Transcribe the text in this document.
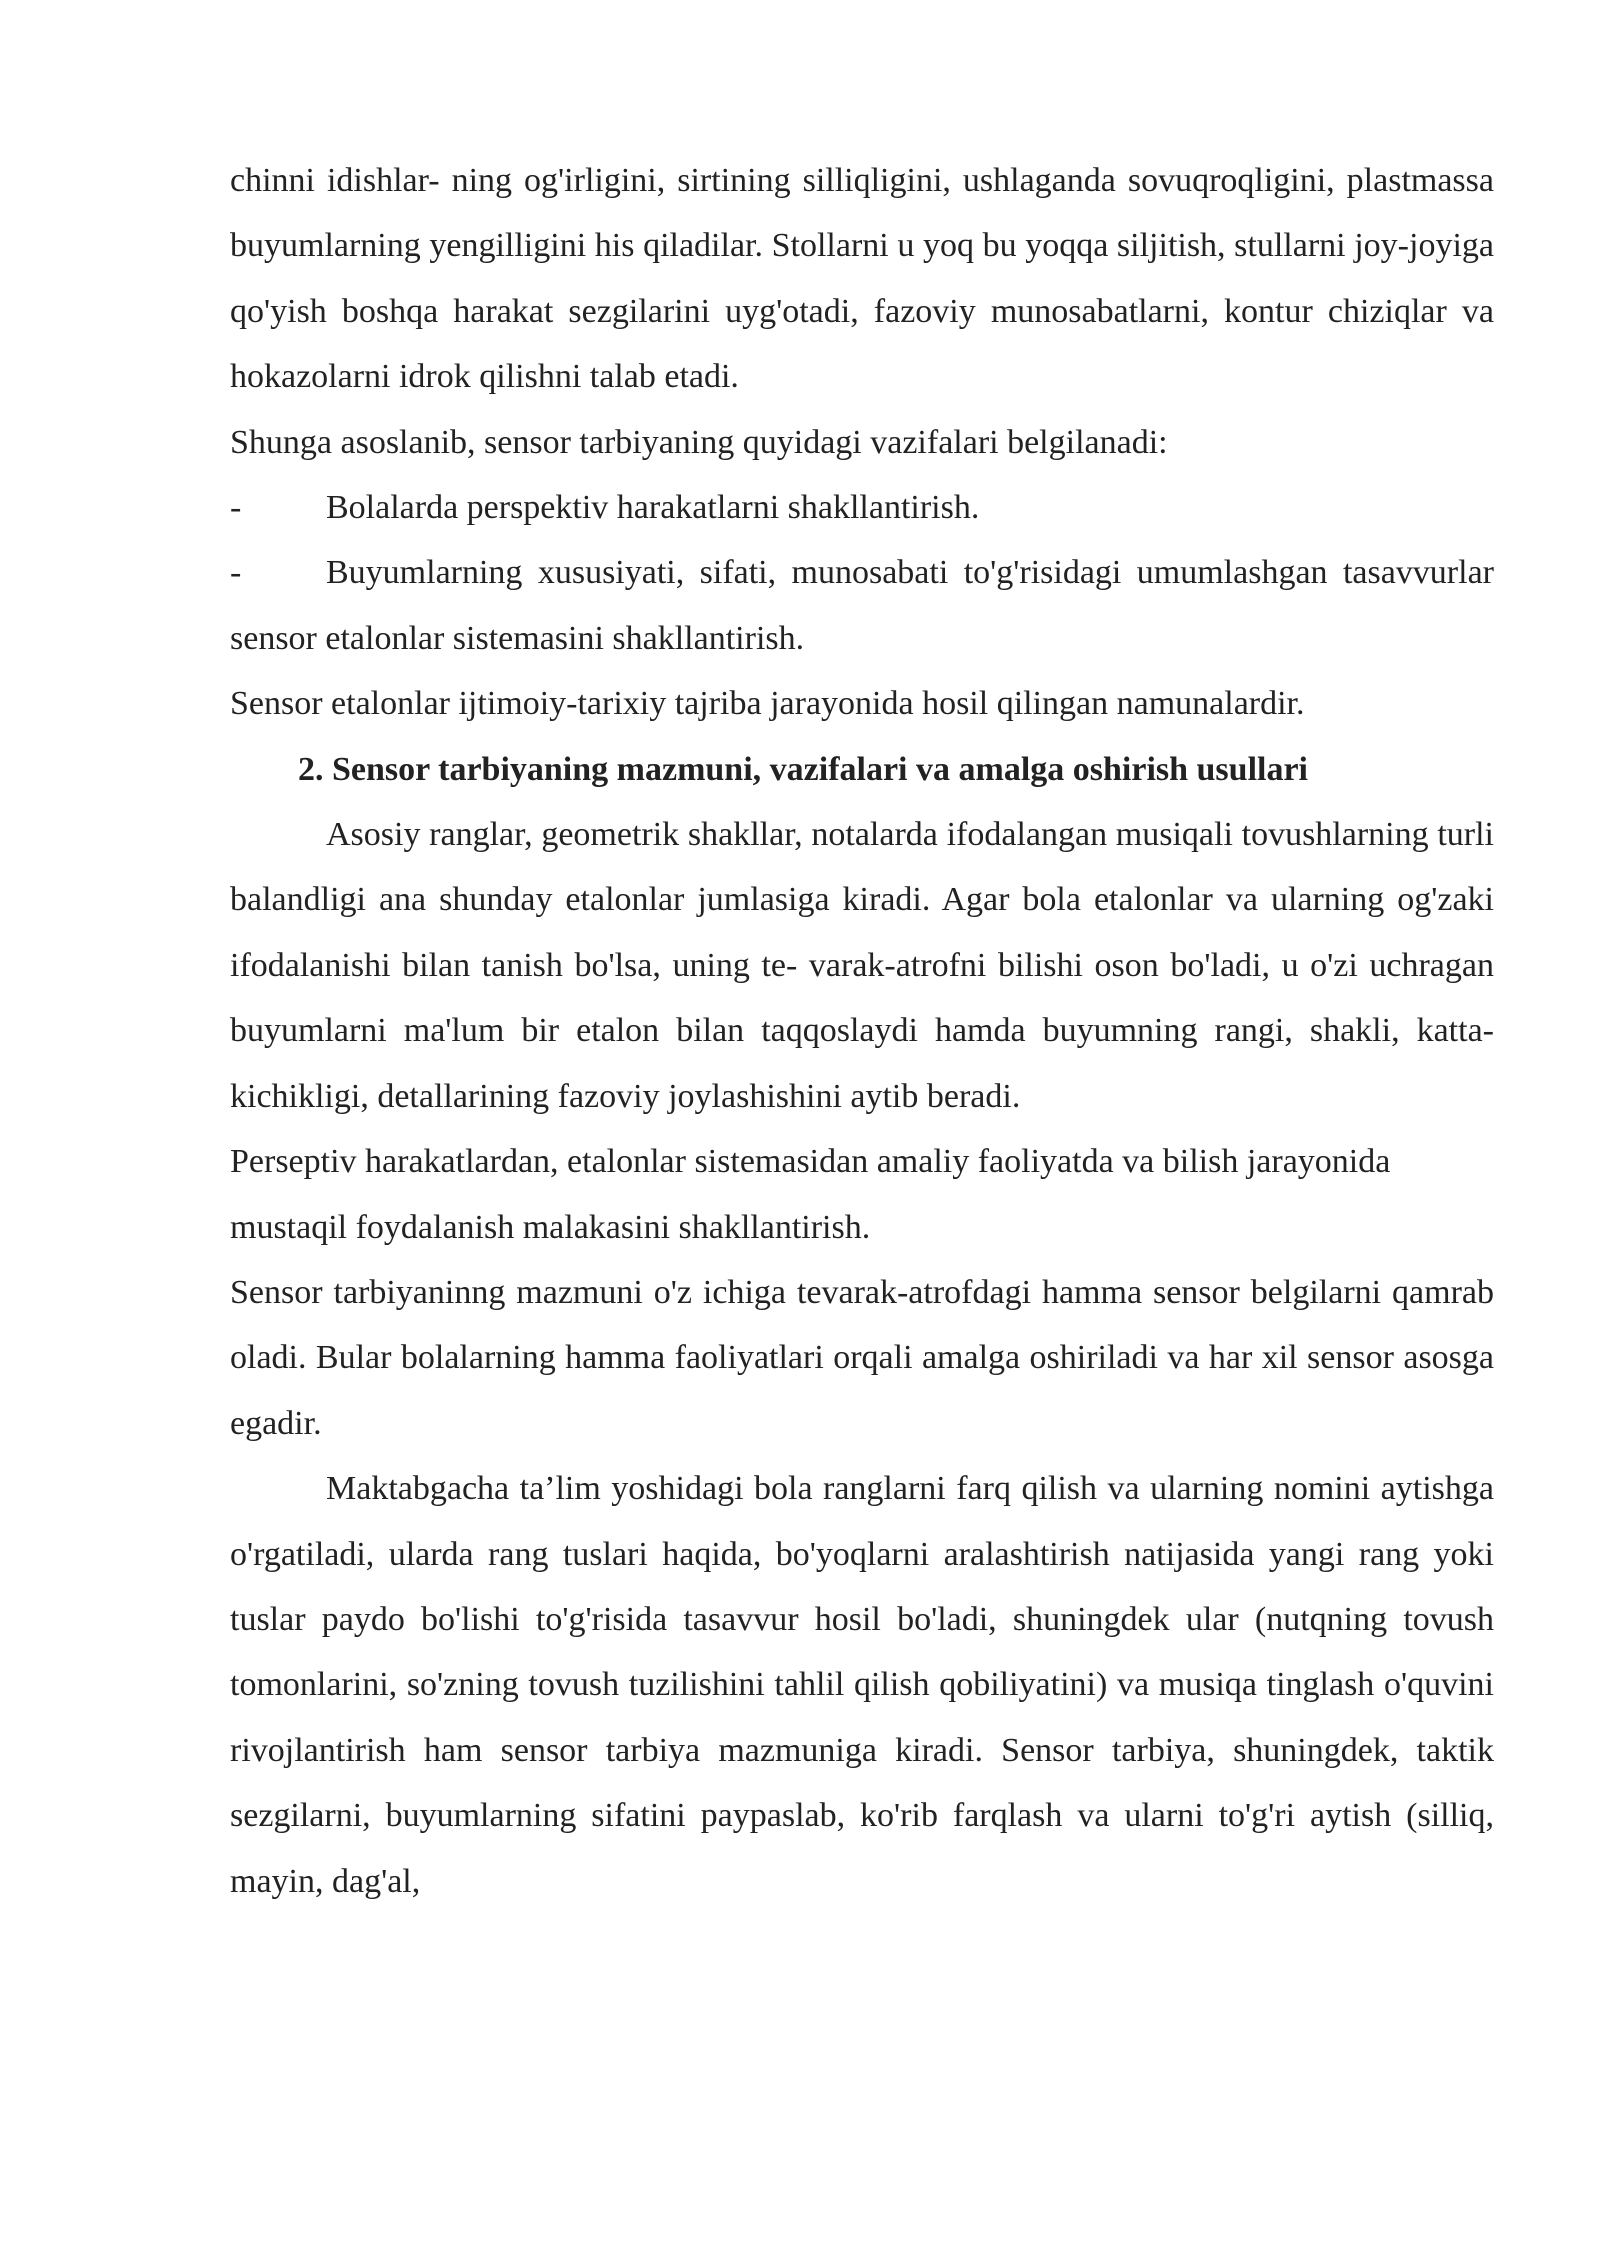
chinni idishlar- ning og'irligini, sirtining silliqligini, ushlaganda sovuqroqligini, plastmassa buyumlarning yengilligini his qiladilar. Stollarni u yoq bu yoqqa siljitish, stullarni joy-joyiga qo'yish boshqa harakat sezgilarini uyg'otadi, fazoviy munosabatlarni, kontur chiziqlar va hokazolarni idrok qilishni talab etadi.

Shunga asoslanib, sensor tarbiyaning quyidagi vazifalari belgilanadi:

-	Bolalarda perspektiv harakatlarni shakllantirish.
- Buyumlarning xususiyati, sifati, munosabati to'g'risidagi umumlashgan tasavvurlar sensor etalonlar sistemasini shakllantirish.

Sensor etalonlar ijtimoiy-tarixiy tajriba jarayonida hosil qilingan namunalardir.

2. Sensor tarbiyaning mazmuni, vazifalari va amalga oshirish usullari

Asosiy ranglar, geometrik shakllar, notalarda ifodalangan musiqali tovushlarning turli balandligi ana shunday etalonlar jumlasiga kiradi. Agar bola etalonlar va ularning og'zaki ifodalanishi bilan tanish bo'lsa, uning te- varak-atrofni bilishi oson bo'ladi, u o'zi uchragan buyumlarni ma'lum bir etalon bilan taqqoslaydi hamda buyumning rangi, shakli, katta-kichikligi, detallarining fazoviy joylashishini aytib beradi.

Perseptiv harakatlardan, etalonlar sistemasidan amaliy faoliyatda va bilish jarayonida

mustaqil foydalanish malakasini shakllantirish.

Sensor tarbiyaninng mazmuni o'z ichiga tevarak-atrofdagi hamma sensor belgilarni qamrab oladi. Bular bolalarning hamma faoliyatlari orqali amalga oshiriladi va har xil sensor asosga egadir.

Maktabgacha ta’lim yoshidagi bola ranglarni farq qilish va ularning nomini aytishga o'rgatiladi, ularda rang tuslari haqida, bo'yoqlarni aralashtirish natijasida yangi rang yoki tuslar paydo bo'lishi to'g'risida tasavvur hosil bo'ladi, shuningdek ular (nutqning tovush tomonlarini, so'zning tovush tuzilishini tahlil qilish qobiliyatini) va musiqa tinglash o'quvini rivojlantirish ham sensor tarbiya mazmuniga kiradi. Sensor tarbiya, shuningdek, taktik sezgilarni, buyumlarning sifatini paypaslab, ko'rib farqlash va ularni to'g'ri aytish (silliq, mayin, dag'al,
